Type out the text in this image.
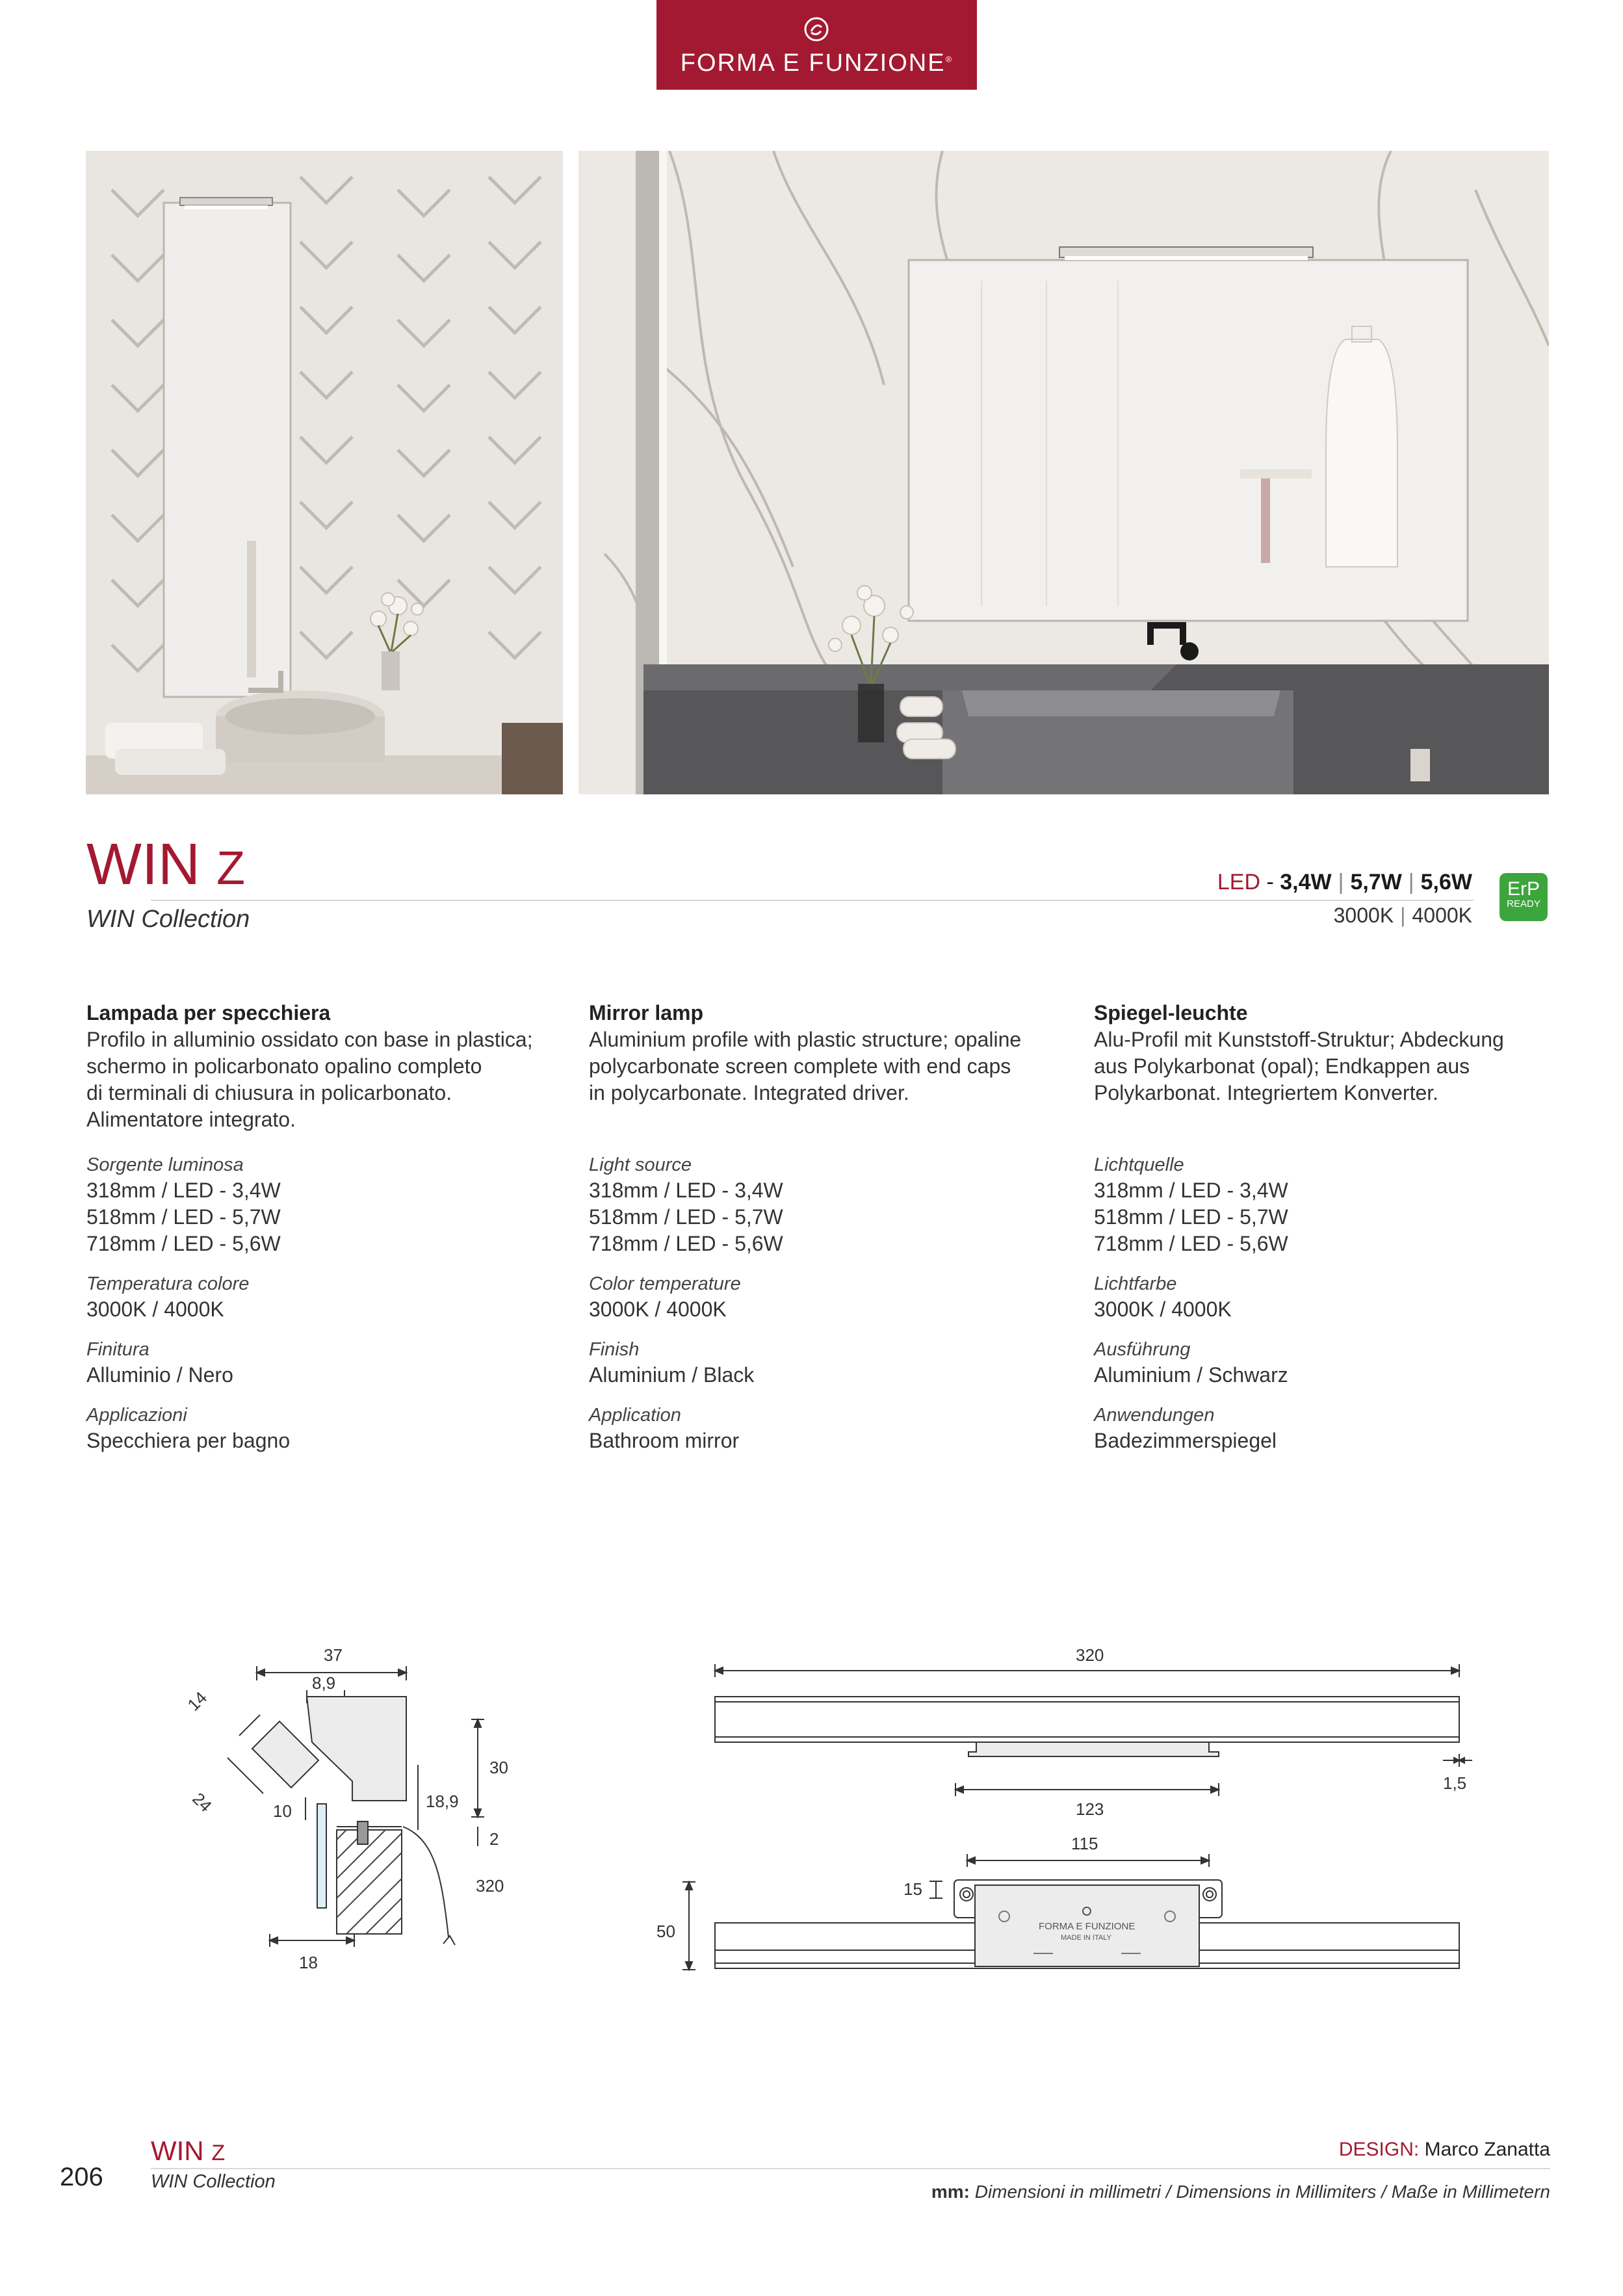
FORMA E FUNZIONE®
WIN Z
WIN Collection
LED - 3,4W | 5,7W | 5,6W
3000K | 4000K
ErP
READY
Lampada per specchiera
Profilo in alluminio ossidato con base in plastica;
schermo in policarbonato opalino completo
di terminali di chiusura in policarbonato.
Alimentatore integrato.
Sorgente luminosa
318mm / LED - 3,4W
518mm / LED - 5,7W
718mm / LED - 5,6W
Temperatura colore
3000K / 4000K
Finitura
Alluminio / Nero
Applicazioni
Specchiera per bagno
Mirror lamp
Aluminium profile with plastic structure; opaline
polycarbonate screen complete with end caps
in polycarbonate. Integrated driver.

Light source
318mm / LED - 3,4W
518mm / LED - 5,7W
718mm / LED - 5,6W
Color temperature
3000K / 4000K
Finish
Aluminium / Black
Application
Bathroom mirror
Spiegel-leuchte
Alu-Profil mit Kunststoff-Struktur; Abdeckung
aus Polykarbonat (opal); Endkappen aus
Polykarbonat. Integriertem Konverter.

Lichtquelle
318mm / LED - 3,4W
518mm / LED - 5,7W
718mm / LED - 5,6W
Lichtfarbe
3000K / 4000K
Ausführung
Aluminium / Schwarz
Anwendungen
Badezimmerspiegel
37
8,9
14
24
30
18,9
10
2
320
18
320
123
1,5
115
15
50	FORMA E FUNZIONE
MADE IN ITALY
206
WIN Z
WIN Collection
DESIGN: Marco Zanatta
mm: Dimensioni in millimetri / Dimensions in Millimiters / Maße in Millimetern
